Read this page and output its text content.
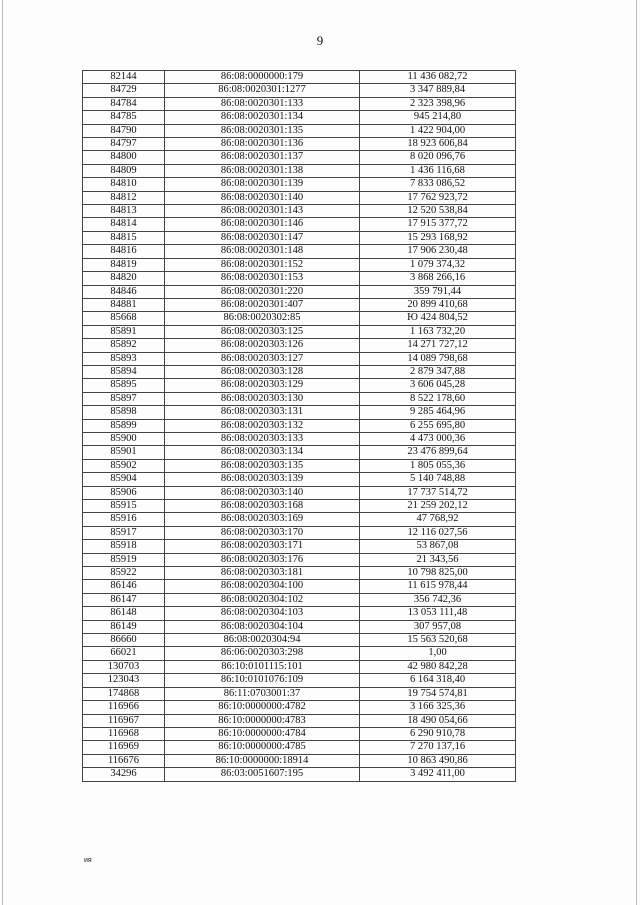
9
82144	86:08:0000000:179	11 436 082,72
84729	86:08:0020301:1277	3 347 889,84
84784	86:08:0020301:133	2 323 398,96
84785	86:08:0020301:134	945 214,80
84790	86:08:0020301:135	1 422 904,00
84797	86:08:0020301:136	18 923 606,84
84800	86:08:0020301:137	8 020 096,76
84809	86:08:0020301:138	1 436 116,68
84810	86:08:0020301:139	7 833 086,52
84812	86:08:0020301:140	17 762 923,72
84813	86:08:0020301:143	12 520 538,84
84814	86:08:0020301:146	17 915 377,72
84815	86:08:0020301:147	15 293 168,92
84816	86:08:0020301:148	17 906 230,48
84819	86:08:0020301:152	1 079 374,32
84820	86:08:0020301:153	3 868 266,16
84846	86:08:0020301:220	359 791,44
84881	86:08:0020301:407	20 899 410,68
85668	86:08:0020302:85	Ю 424 804,52
85891	86:08:0020303:125	1 163 732,20
85892	86:08:0020303:126	14 271 727,12
85893	86:08:0020303:127	14 089 798,68
85894	86:08:0020303:128	2 879 347,88
85895	86:08:0020303:129	3 606 045,28
85897	86:08:0020303:130	8 522 178,60
85898	86:08:0020303:131	9 285 464,96
85899	86:08:0020303:132	6 255 695,80
85900	86:08:0020303:133	4 473 000,36
85901	86:08:0020303:134	23 476 899,64
85902	86:08:0020303:135	1 805 055,36
85904	86:08:0020303:139	5 140 748,88
85906	86:08:0020303:140	17 737 514,72
85915	86:08:0020303:168	21 259 202,12
85916	86:08:0020303:169	47 768,92
85917	86:08:0020303:170	12 116 027,56
85918	86:08:0020303:171	53 867,08
85919	86:08:0020303:176	21 343,56
85922	86:08:0020303:181	10 798 825,00
86146	86:08:0020304:100	11 615 978,44
86147	86:08:0020304:102	356 742,36
86148	86:08:0020304:103	13 053 111,48
86149	86:08:0020304:104	307 957,08
86660	86:08:0020304:94	15 563 520,68
66021	86:06:0020303:298	1,00
130703	86:10:0101115:101	42 980 842,28
123043	86:10:0101076:109	6 164 318,40
174868	86:11:0703001:37	19 754 574,81
116966	86:10:0000000:4782	3 166 325,36
116967	86:10:0000000:4783	18 490 054,66
116968	86:10:0000000:4784	6 290 910,78
116969	86:10:0000000:4785	7 270 137,16
116676	86:10:0000000:18914	10 863 490,86
34296	86:03:0051607:195	3 492 411,00
ия
